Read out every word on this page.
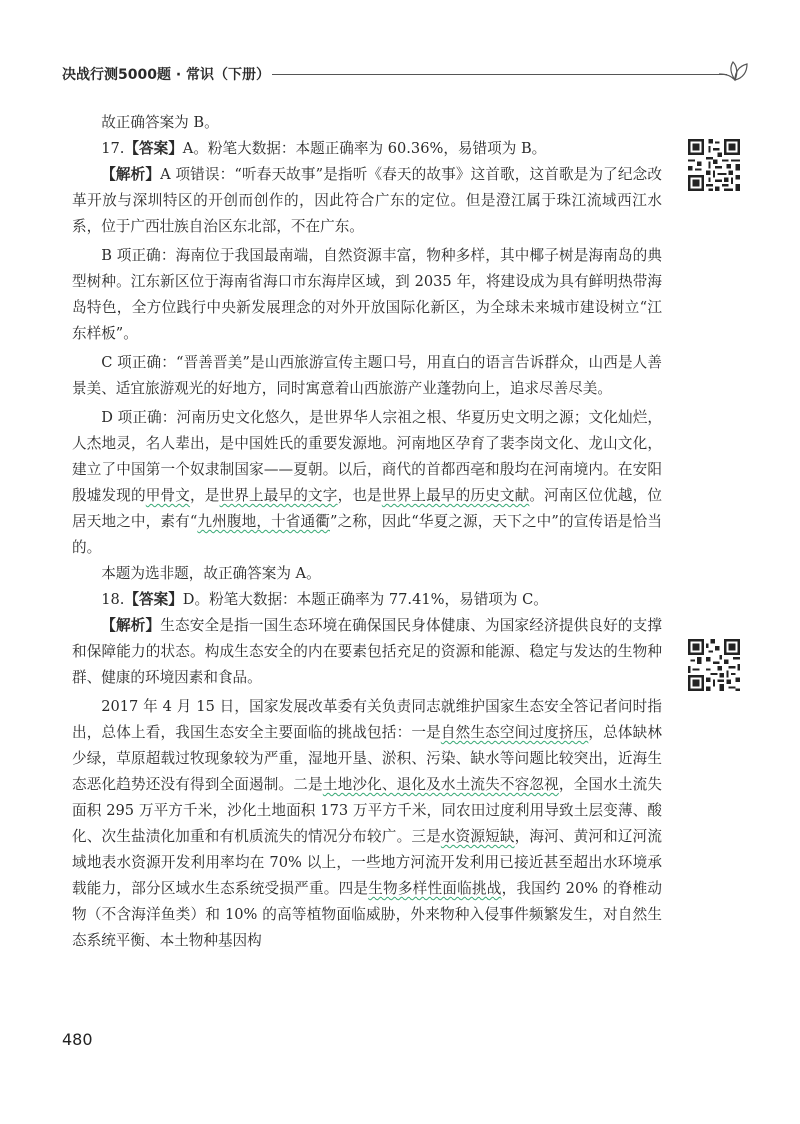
决战行测5000题 · 常识（下册）

故正确答案为 B。

17.【答案】A。粉笔大数据：本题正确率为 60.36%，易错项为 B。

【解析】A 项错误：“听春天故事”是指听《春天的故事》这首歌，这首歌是为了纪念改革开放与深圳特区的开创而创作的，因此符合广东的定位。但是澄江属于珠江流域西江水系，位于广西壮族自治区东北部，不在广东。

B 项正确：海南位于我国最南端，自然资源丰富，物种多样，其中椰子树是海南岛的典型树种。江东新区位于海南省海口市东海岸区域，到 2035 年，将建设成为具有鲜明热带海岛特色，全方位践行中央新发展理念的对外开放国际化新区，为全球未来城市建设树立“江东样板”。

C 项正确：“晋善晋美”是山西旅游宣传主题口号，用直白的语言告诉群众，山西是人善景美、适宜旅游观光的好地方，同时寓意着山西旅游产业蓬勃向上，追求尽善尽美。

D 项正确：河南历史文化悠久，是世界华人宗祖之根、华夏历史文明之源；文化灿烂，人杰地灵，名人辈出，是中国姓氏的重要发源地。河南地区孕育了裴李岗文化、龙山文化，建立了中国第一个奴隶制国家——夏朝。以后，商代的首都西亳和殷均在河南境内。在安阳殷墟发现的甲骨文，是世界上最早的文字，也是世界上最早的历史文献。河南区位优越，位居天地之中，素有“九州腹地，十省通衢”之称，因此“华夏之源，天下之中”的宣传语是恰当的。

本题为选非题，故正确答案为 A。

18.【答案】D。粉笔大数据：本题正确率为 77.41%，易错项为 C。

【解析】生态安全是指一国生态环境在确保国民身体健康、为国家经济提供良好的支撑和保障能力的状态。构成生态安全的内在要素包括充足的资源和能源、稳定与发达的生物种群、健康的环境因素和食品。

2017 年 4 月 15 日，国家发展改革委有关负责同志就维护国家生态安全答记者问时指出，总体上看，我国生态安全主要面临的挑战包括：一是自然生态空间过度挤压，总体缺林少绿，草原超载过牧现象较为严重，湿地开垦、淤积、污染、缺水等问题比较突出，近海生态恶化趋势还没有得到全面遏制。二是土地沙化、退化及水土流失不容忽视，全国水土流失面积 295 万平方千米，沙化土地面积 173 万平方千米，同农田过度利用导致土层变薄、酸化、次生盐渍化加重和有机质流失的情况分布较广。三是水资源短缺，海河、黄河和辽河流域地表水资源开发利用率均在 70% 以上，一些地方河流开发利用已接近甚至超出水环境承载能力，部分区域水生态系统受损严重。四是生物多样性面临挑战，我国约 20% 的脊椎动物（不含海洋鱼类）和 10% 的高等植物面临威胁，外来物种入侵事件频繁发生，对自然生态系统平衡、本土物种基因构

480
